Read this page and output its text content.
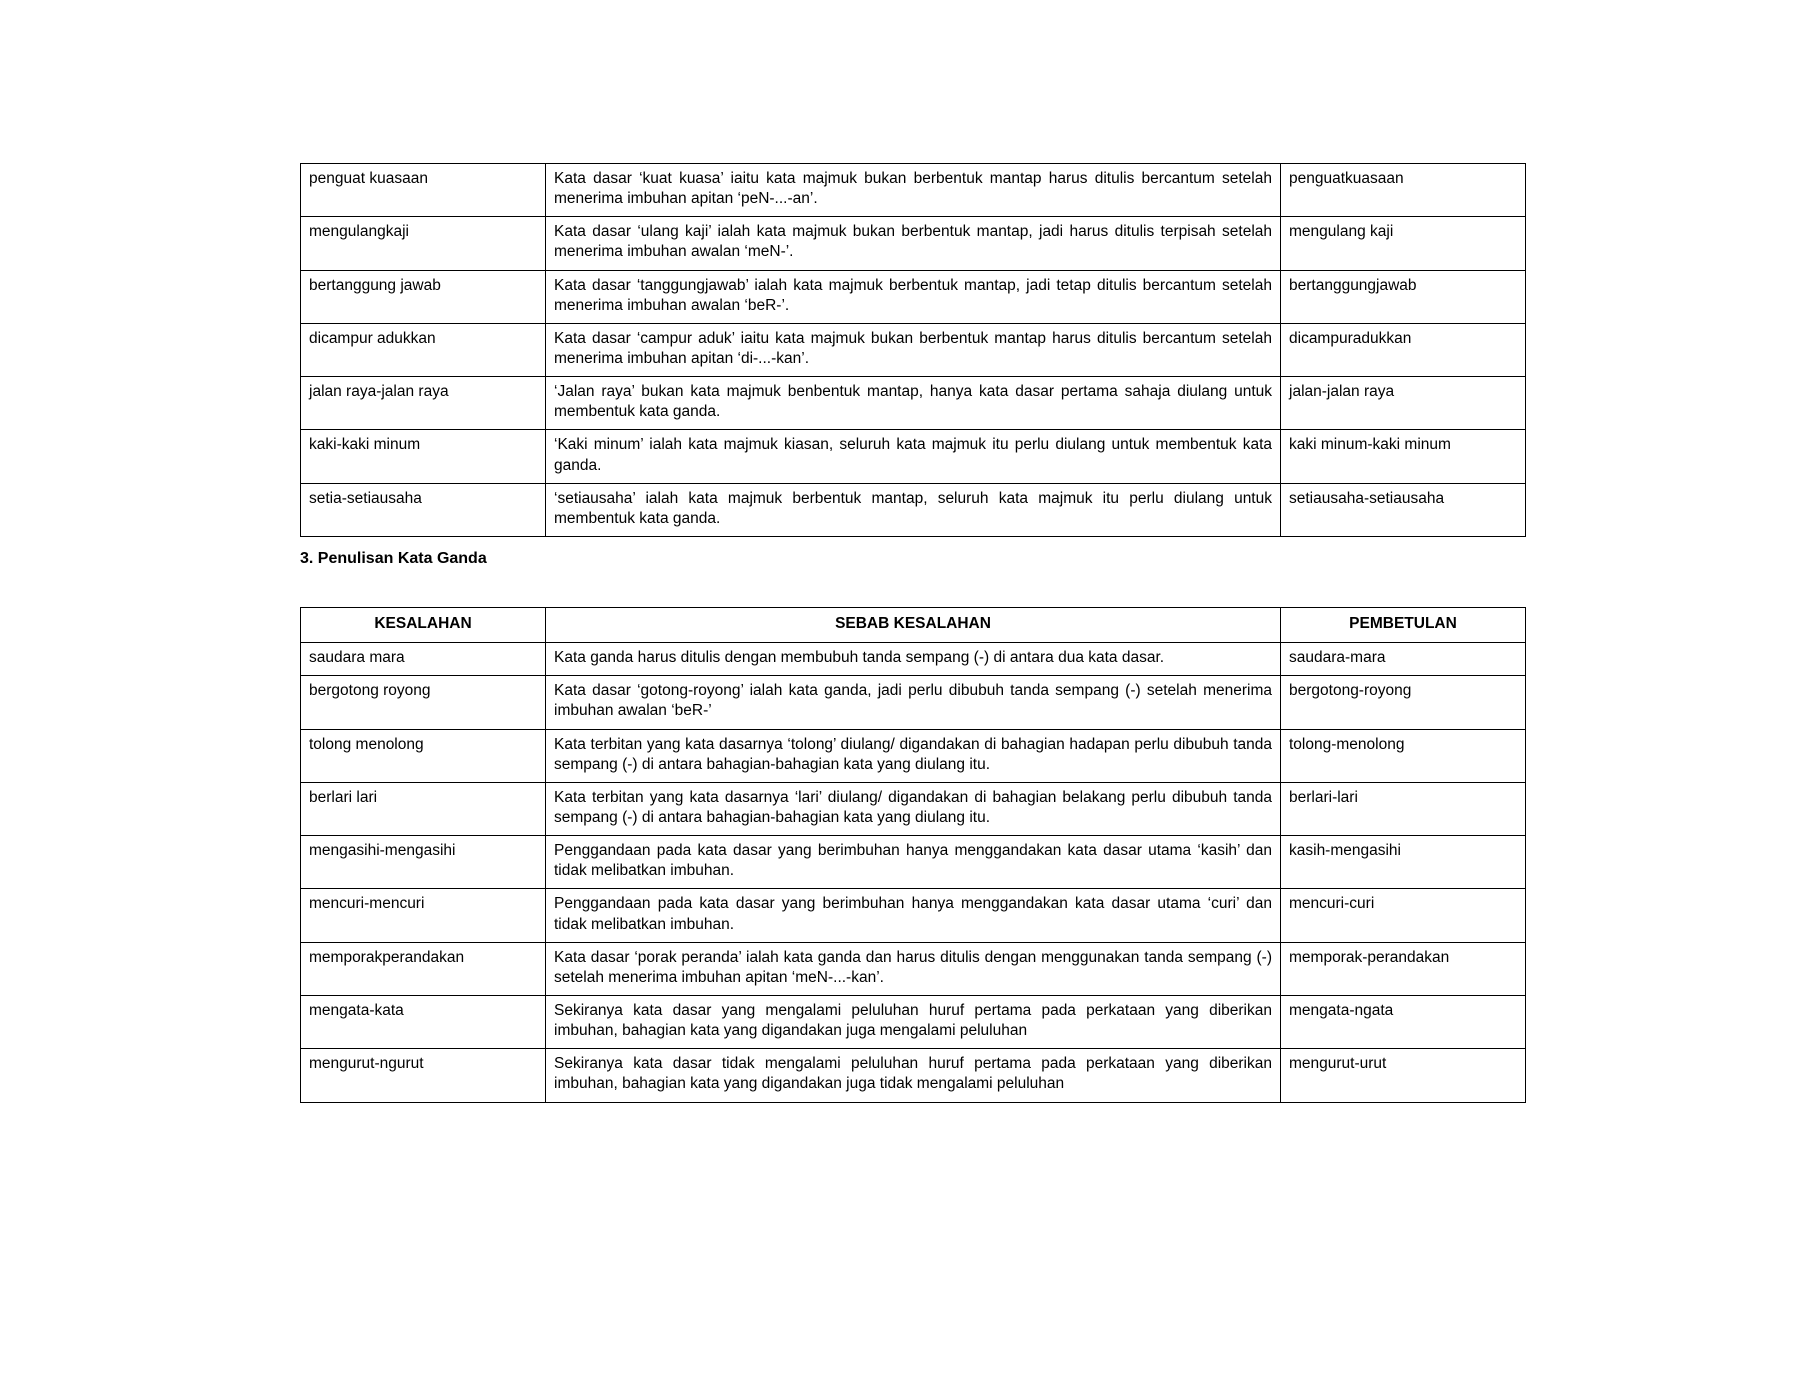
penguat kuasaan	Kata dasar ‘kuat kuasa’ iaitu kata majmuk bukan berbentuk mantap harus ditulis bercantum setelah menerima imbuhan apitan ‘peN-...-an’.	penguatkuasaan
mengulangkaji	Kata dasar ‘ulang kaji’ ialah kata majmuk bukan berbentuk mantap, jadi harus ditulis terpisah setelah menerima imbuhan awalan ‘meN-’.	mengulang kaji
bertanggung jawab	Kata dasar ‘tanggungjawab’ ialah kata majmuk berbentuk mantap, jadi tetap ditulis bercantum setelah menerima imbuhan awalan ‘beR-’.	bertanggungjawab
dicampur adukkan	Kata dasar ‘campur aduk’ iaitu kata majmuk bukan berbentuk mantap harus ditulis bercantum setelah menerima imbuhan apitan ‘di-...-kan’.	dicampuradukkan
jalan raya-jalan raya	‘Jalan raya’ bukan kata majmuk benbentuk mantap, hanya kata dasar pertama sahaja diulang untuk membentuk kata ganda.	jalan-jalan raya
kaki-kaki minum	‘Kaki minum’ ialah kata majmuk kiasan, seluruh kata majmuk itu perlu diulang untuk membentuk kata ganda.	kaki minum-kaki minum
setia-setiausaha	‘setiausaha’ ialah kata majmuk berbentuk mantap, seluruh kata majmuk itu perlu diulang untuk membentuk kata ganda.	setiausaha-setiausaha
3. Penulisan Kata Ganda
KESALAHAN	SEBAB KESALAHAN	PEMBETULAN
saudara mara	Kata ganda harus ditulis dengan membubuh tanda sempang (-) di antara dua kata dasar.	saudara-mara
bergotong royong	Kata dasar ‘gotong-royong’ ialah kata ganda, jadi perlu dibubuh tanda sempang (-) setelah menerima imbuhan awalan ‘beR-’	bergotong-royong
tolong menolong	Kata terbitan yang kata dasarnya ‘tolong’ diulang/ digandakan di bahagian hadapan perlu dibubuh tanda sempang (-) di antara bahagian-bahagian kata yang diulang itu.	tolong-menolong
berlari lari	Kata terbitan yang kata dasarnya ‘lari’ diulang/ digandakan di bahagian belakang perlu dibubuh tanda sempang (-) di antara bahagian-bahagian kata yang diulang itu.	berlari-lari
mengasihi-mengasihi	Penggandaan pada kata dasar yang berimbuhan hanya menggandakan kata dasar utama ‘kasih’ dan tidak melibatkan imbuhan.	kasih-mengasihi
mencuri-mencuri	Penggandaan pada kata dasar yang berimbuhan hanya menggandakan kata dasar utama ‘curi’ dan tidak melibatkan imbuhan.	mencuri-curi
memporakperandakan	Kata dasar ‘porak peranda’ ialah kata ganda dan harus ditulis dengan menggunakan tanda sempang (-) setelah menerima imbuhan apitan ‘meN-...-kan’.	memporak-perandakan
mengata-kata	Sekiranya kata dasar yang mengalami peluluhan huruf pertama pada perkataan yang diberikan imbuhan, bahagian kata yang digandakan juga mengalami peluluhan	mengata-ngata
mengurut-ngurut	Sekiranya kata dasar tidak mengalami peluluhan huruf pertama pada perkataan yang diberikan imbuhan, bahagian kata yang digandakan juga tidak mengalami peluluhan	mengurut-urut
